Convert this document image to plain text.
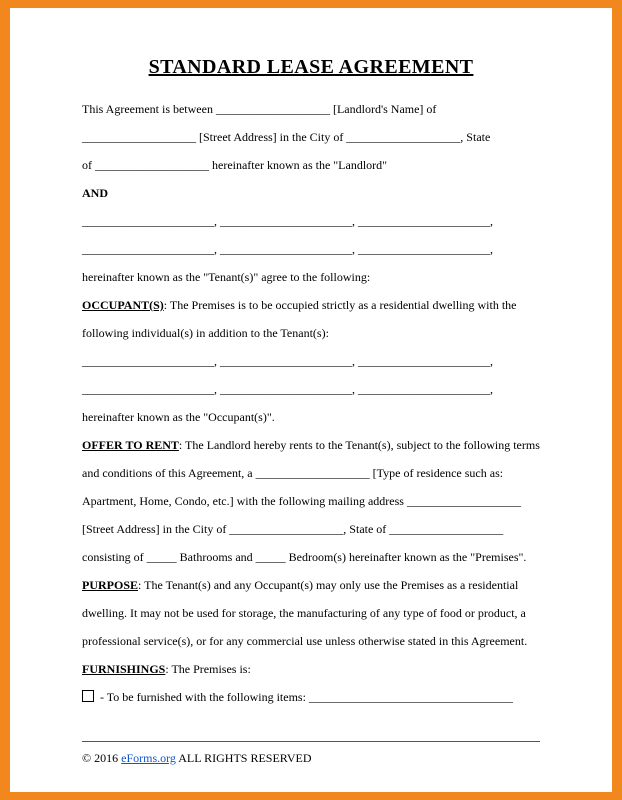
STANDARD LEASE AGREEMENT

This Agreement is between ___________________ [Landlord's Name] of

___________________ [Street Address] in the City of ___________________, State

of ___________________ hereinafter known as the "Landlord"

AND

______________________, ______________________, ______________________,

______________________, ______________________, ______________________,

hereinafter known as the "Tenant(s)" agree to the following:

OCCUPANT(S): The Premises is to be occupied strictly as a residential dwelling with the

following individual(s) in addition to the Tenant(s):

______________________, ______________________, ______________________,

______________________, ______________________, ______________________,

hereinafter known as the "Occupant(s)".

OFFER TO RENT: The Landlord hereby rents to the Tenant(s), subject to the following terms

and conditions of this Agreement, a ___________________ [Type of residence such as:

Apartment, Home, Condo, etc.] with the following mailing address ___________________

[Street Address] in the City of ___________________, State of ___________________

consisting of _____ Bathrooms and _____ Bedroom(s) hereinafter known as the "Premises".

PURPOSE: The Tenant(s) and any Occupant(s) may only use the Premises as a residential

dwelling. It may not be used for storage, the manufacturing of any type of food or product, a

professional service(s), or for any commercial use unless otherwise stated in this Agreement.

FURNISHINGS: The Premises is:

- To be furnished with the following items: __________________________________

© 2016 eForms.org ALL RIGHTS RESERVED
